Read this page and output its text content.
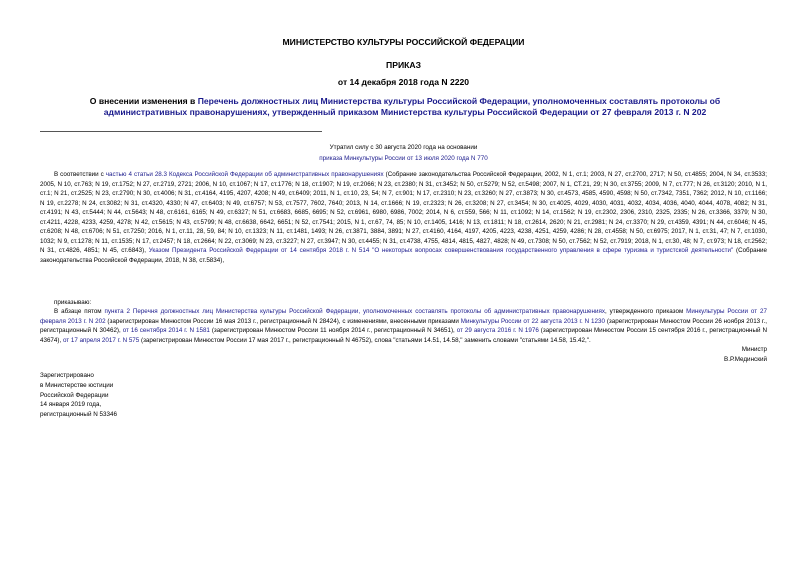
МИНИСТЕРСТВО КУЛЬТУРЫ РОССИЙСКОЙ ФЕДЕРАЦИИ
ПРИКАЗ
от 14 декабря 2018 года N 2220
О внесении изменения в Перечень должностных лиц Министерства культуры Российской Федерации, уполномоченных составлять протоколы об административных правонарушениях, утвержденный приказом Министерства культуры Российской Федерации от 27 февраля 2013 г. N 202
Утратил силу с 30 августа 2020 года на основании
приказа Минкультуры России от 13 июля 2020 года N 770
В соответствии с частью 4 статьи 28.3 Кодекса Российской Федерации об административных правонарушениях (Собрание законодательства Российской Федерации, 2002, N 1, ст.1; 2003, N 27, ст.2700, 2717; N 50, ст.4855; 2004, N 34, ст.3533; 2005, N 10, ст.763; N 19, ст.1752; N 27, ст.2719, 2721; 2006, N 10, ст.1067; N 17, ст.1776; N 18, ст.1907; N 19, ст.2066; N 23, ст.2380; N 31, ст.3452; N 50, ст.5279; N 52, ст.5498; 2007, N 1, СТ.21, 29; N 30, ст.3755; 2009, N 7, ст.777; N 26, ст.3120; 2010, N 1, ст.1; N 21, ст.2525; N 23, ст.2790; N 30, ст.4006; N 31, ст.4164, 4195, 4207, 4208; N 49, ст.6409; 2011, N 1, ст.10, 23, 54; N 7, ст.901; N 17, ст.2310; N 23, ст.3260; N 27, ст.3873; N 30, ст.4573, 4585, 4590, 4598; N 50, ст.7342, 7351, 7362; 2012, N 10, ст.1166; N 19, ст.2278; N 24, ст.3082; N 31, ст.4320, 4330; N 47, ст.6403; N 49, ст.6757; N 53, ст.7577, 7602, 7640; 2013, N 14, ст.1666; N 19, ст.2323; N 26, ст.3208; N 27, ст.3454; N 30, ст.4025, 4029, 4030, 4031, 4032, 4034, 4036, 4040, 4044, 4078, 4082; N 31, ст.4191; N 43, ст.5444; N 44, ст.5643; N 48, ст.6161, 6165; N 49, ст.6327; N 51, ст.6683, 6685, 6695; N 52, ст.6961, 6980, 6986, 7002; 2014, N 6, ст.559, 566; N 11, ст.1092; N 14, ст.1562; N 19, ст.2302, 2306, 2310, 2325, 2335; N 26, ст.3366, 3379; N 30, ст.4211, 4228, 4233, 4259, 4278; N 42, ст.5615; N 43, ст.5799; N 48, ст.6638, 6642, 6651; N 52, ст.7541; 2015, N 1, ст.67, 74, 85; N 10, ст.1405, 1416; N 13, ст.1811; N 18, ст.2614, 2620; N 21, ст.2981; N 24, ст.3370; N 29, ст.4359, 4391; N 44, ст.6046; N 45, ст.6208; N 48, ст.6706; N 51, ст.7250; 2016, N 1, ст.11, 28, 59, 84; N 10, ст.1323; N 11, ст.1481, 1493; N 26, ст.3871, 3884, 3891; N 27, ст.4160, 4164, 4197, 4205, 4223, 4238, 4251, 4259, 4286; N 28, ст.4558; N 50, ст.6975; 2017, N 1, ст.31, 47; N 7, ст.1030, 1032; N 9, ст.1278; N 11, ст.1535; N 17, ст.2457; N 18, ст.2664; N 22, ст.3069; N 23, ст.3227; N 27, ст.3947; N 30, ст.4455; N 31, ст.4738, 4755, 4814, 4815, 4827, 4828; N 49, ст.7308; N 50, ст.7562; N 52, ст.7919; 2018, N 1, ст.30, 48; N 7, ст.973; N 18, ст.2562; N 31, ст.4826, 4851; N 45, ст.6843), Указом Президента Российской Федерации от 14 сентября 2018 г. N 514 "О некоторых вопросах совершенствования государственного управления в сфере туризма и туристской деятельности" (Собрание законодательства Российской Федерации, 2018, N 38, ст.5834),
приказываю:
В абзаце пятом пункта 2 Перечня должностных лиц Министерства культуры Российской Федерации, уполномоченных составлять протоколы об административных правонарушениях, утвержденного приказом Минкультуры России от 27 февраля 2013 г. N 202 (зарегистрирован Минюстом России 16 мая 2013 г., регистрационный N 28424), с изменениями, внесенными приказами Минкультуры России от 22 августа 2013 г. N 1230 (зарегистрирован Минюстом России 26 ноября 2013 г., регистрационный N 30462), от 16 сентября 2014 г. N 1581 (зарегистрирован Минюстом России 11 ноября 2014 г., регистрационный N 34651), от 29 августа 2016 г. N 1976 (зарегистрирован Минюстом России 15 сентября 2016 г., регистрационный N 43674), от 17 апреля 2017 г. N 575 (зарегистрирован Минюстом России 17 мая 2017 г., регистрационный N 46752), слова "статьями 14.51, 14.58," заменить словами "статьями 14.58, 15.42,".
Министр
В.Р.Мединский
Зарегистрировано
в Министерстве юстиции
Российской Федерации
14 января 2019 года,
регистрационный N 53346
